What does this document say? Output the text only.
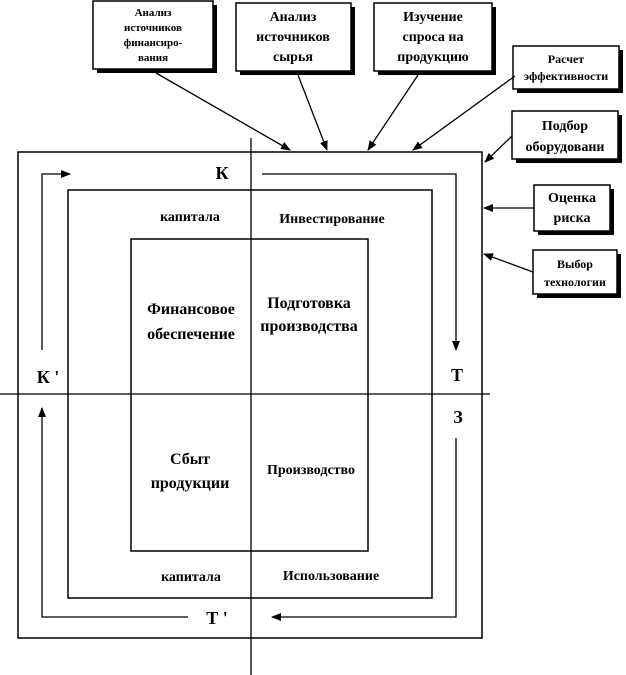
Анализ
источников
финансиро-
вания
Анализ
источников
сырья
Изучение
спроса на
продукцию	Расчет
эффективности
Подбор
оборудовани
Оценка
риска
Выбор
технологии
К
К '	Т
З
Т '
капитала	Инвестирование
капитала	Использование
Финансовое
обеспечение
Подготовка
производства
Сбыт
продукции
Производство
